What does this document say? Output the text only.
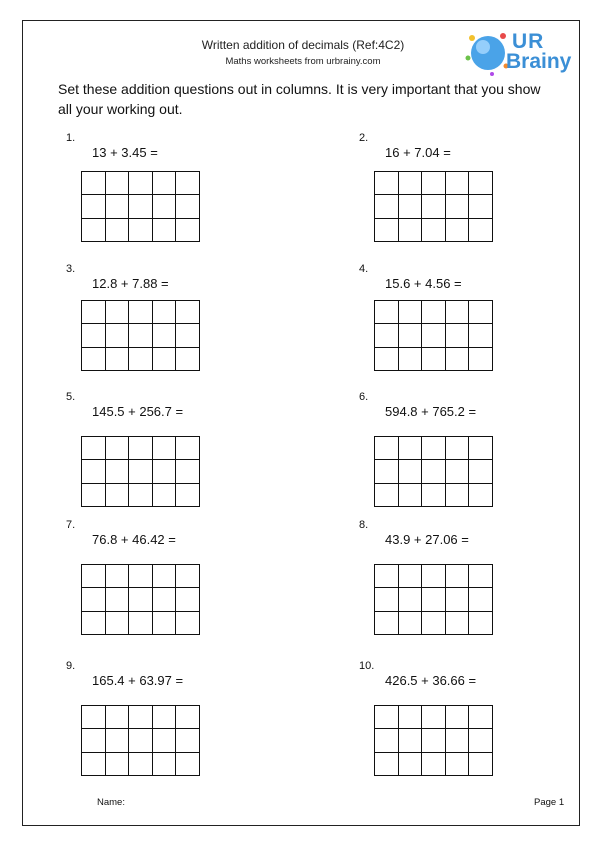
Written addition of decimals (Ref:4C2)
Maths worksheets from urbrainy.com
UR
Brainy
Set these addition questions out in columns. It is very important that you show all your working out.
1.
13 + 3.45 =
2.
16 + 7.04 =
3.
12.8 + 7.88 =
4.
15.6 + 4.56 =
5.
145.5 + 256.7 =
6.
594.8 + 765.2 =
7.
76.8 + 46.42 =
8.
43.9 + 27.06 =
9.
165.4 + 63.97 =
10.
426.5 + 36.66 =
Name:	Page 1
